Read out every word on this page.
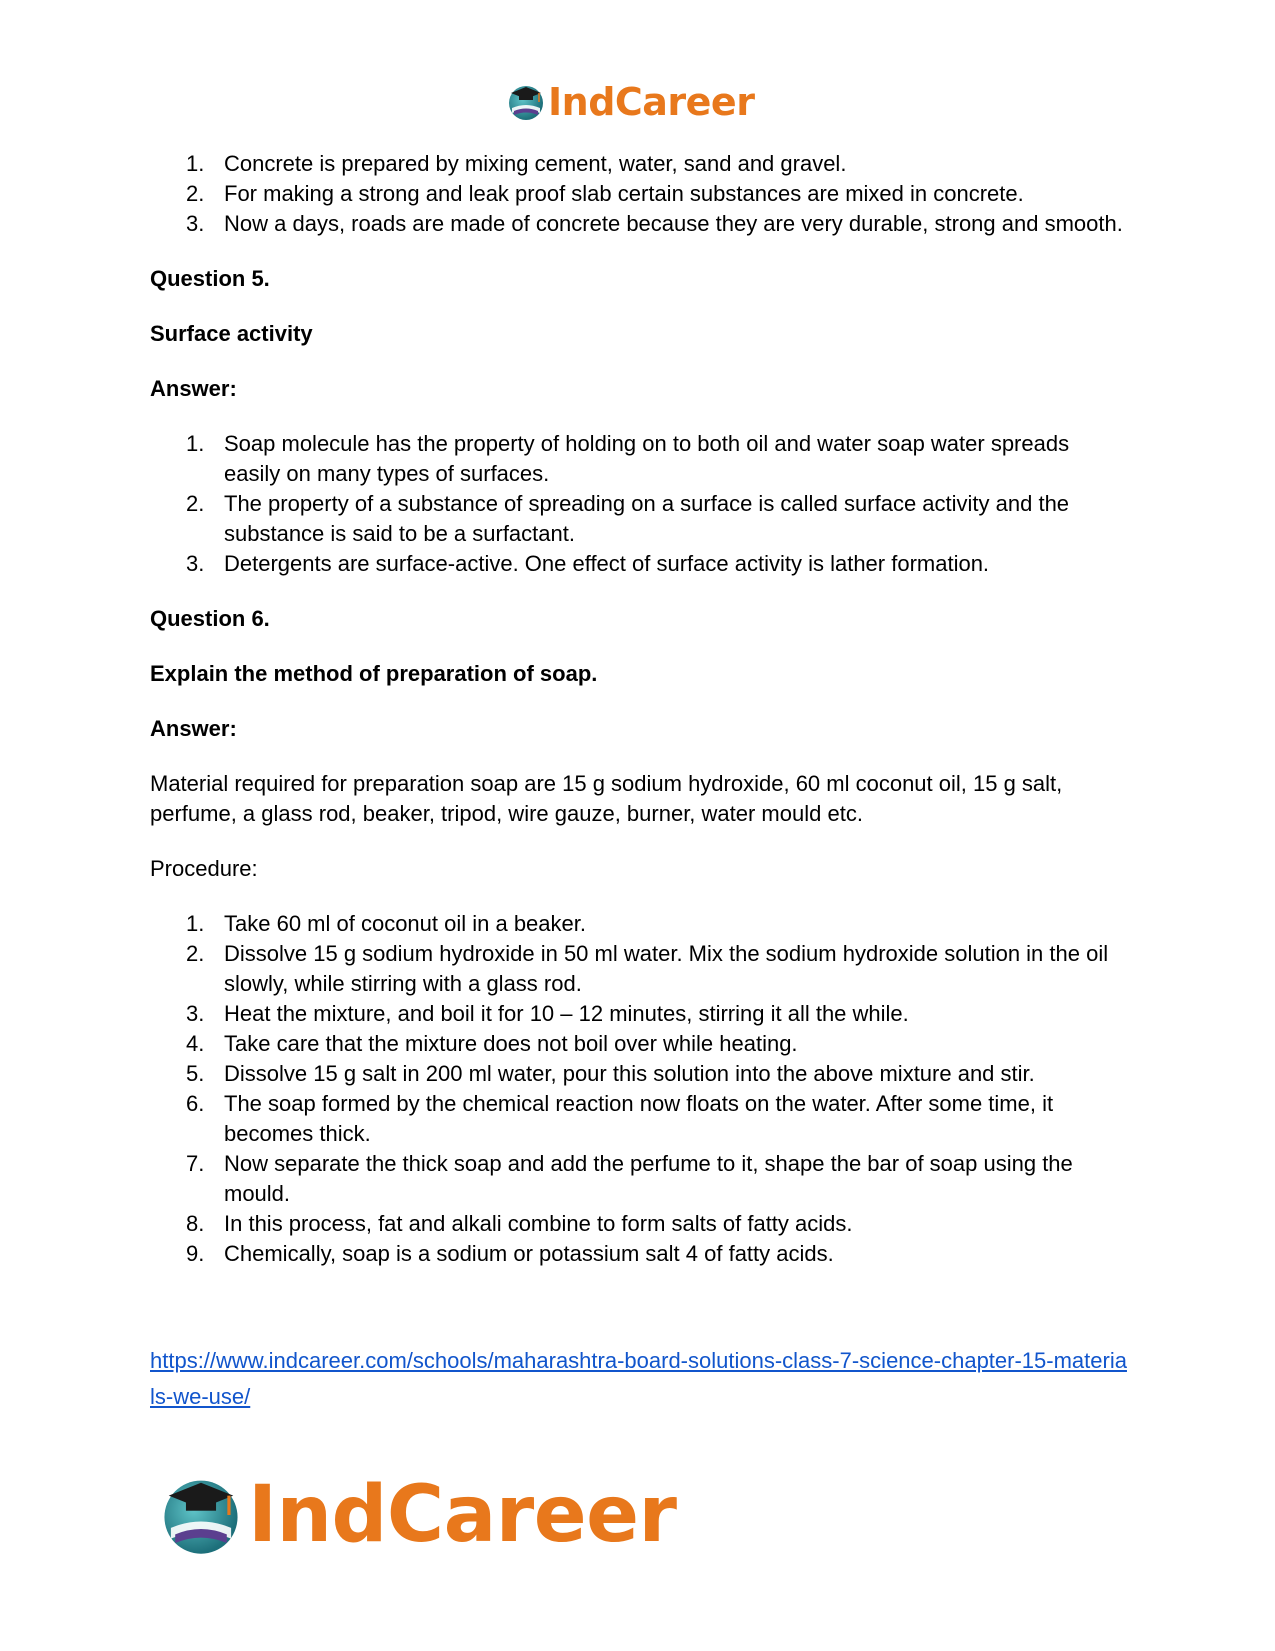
IndCareer
1. Concrete is prepared by mixing cement, water, sand and gravel.
2. For making a strong and leak proof slab certain substances are mixed in concrete.
3. Now a days, roads are made of concrete because they are very durable, strong and smooth.

Question 5.

Surface activity

Answer:

1. Soap molecule has the property of holding on to both oil and water soap water spreads easily on many types of surfaces.
2. The property of a substance of spreading on a surface is called surface activity and the substance is said to be a surfactant.
3. Detergents are surface-active. One effect of surface activity is lather formation.

Question 6.

Explain the method of preparation of soap.

Answer:

Material required for preparation soap are 15 g sodium hydroxide, 60 ml coconut oil, 15 g salt, perfume, a glass rod, beaker, tripod, wire gauze, burner, water mould etc.

Procedure:

1. Take 60 ml of coconut oil in a beaker.
2. Dissolve 15 g sodium hydroxide in 50 ml water. Mix the sodium hydroxide solution in the oil slowly, while stirring with a glass rod.
3. Heat the mixture, and boil it for 10 – 12 minutes, stirring it all the while.
4. Take care that the mixture does not boil over while heating.
5. Dissolve 15 g salt in 200 ml water, pour this solution into the above mixture and stir.
6. The soap formed by the chemical reaction now floats on the water. After some time, it becomes thick.
7. Now separate the thick soap and add the perfume to it, shape the bar of soap using the mould.
8. In this process, fat and alkali combine to form salts of fatty acids.
9. Chemically, soap is a sodium or potassium salt 4 of fatty acids.

https://www.indcareer.com/schools/maharashtra-board-solutions-class-7-science-chapter-15-materials-we-use/

IndCareer
